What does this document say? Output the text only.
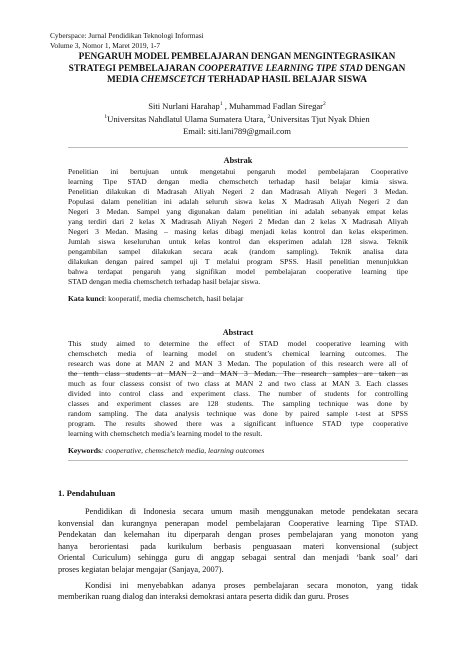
Cyberspace: Jurnal Pendidikan Teknologi Informasi
Volume 3, Nomor 1, Maret 2019, 1-7
PENGARUH MODEL PEMBELAJARAN DENGAN MENGINTEGRASIKAN
STRATEGI PEMBELAJARAN COOPERATIVE LEARNING TIPE STAD DENGAN
MEDIA CHEMSCETCH TERHADAP HASIL BELAJAR SISWA
Siti Nurlani Harahap$^1$ , Muhammad Fadlan Siregar$^2$
$^1$Universitas Nahdlatul Ulama Sumatera Utara, $^2$Universitas Tjut Nyak Dhien
Email: siti.lani789@gmail.com
Abstrak
Penelitian ini bertujuan untuk mengetahui pengaruh model pembelajaran Cooperative
learning Tipe STAD dengan media chemschetch terhadap hasil belajar kimia siswa.
Penelitian dilakukan di Madrasah Aliyah Negeri 2 dan Madrasah Aliyah Negeri 3 Medan.
Populasi dalam penelitian ini adalah seluruh siswa kelas X Madrasah Aliyah Negeri 2 dan
Negeri 3 Medan. Sampel yang digunakan dalam penelitian ini adalah sebanyak empat kelas
yang terdiri dari 2 kelas X Madrasah Aliyah Negeri 2 Medan dan 2 kelas X Madrasah Aliyah
Negeri 3 Medan. Masing – masing kelas dibagi menjadi kelas kontrol dan kelas eksperimen.
Jumlah siswa keseluruhan untuk kelas kontrol dan eksperimen adalah 128 siswa. Teknik
pengambilan sampel dilakukan secara acak (random sampling). Teknik analisa data
dilakukan dengan paired sampel uji T melalui program SPSS. Hasil penelitian menunjukkan
bahwa terdapat pengaruh yang signifikan model pembelajaran cooperative learning tipe
STAD dengan media chemschetch terhadap hasil belajar siswa.
Kata kunci: kooperatif, media chemschetch, hasil belajar
Abstract
This study aimed to determine the effect of STAD model cooperative learning with
chemschetch media of learning model on student’s chemical learning outcomes. The
research was done at MAN 2 and MAN 3 Medan. The population of this research were all of
the tenth class students at MAN 2 and MAN 3 Medan. The research samples are taken as
much as four classess consist of two class at MAN 2 and two class at MAN 3. Each classes
divided into control class and experiment class. The number of students for controlling
classes and experiment classes are 128 students. The sampling technique was done by
random sampling. The data analysis technique was done by paired sample t-test at SPSS
program. The results showed there was a significant influence STAD type cooperative
learning with chemschetch media’s learning model to the result.
Keywords: cooperative, chemschetch media, learning outcomes
1. Pendahuluan
Pendidikan di Indonesia secara umum masih menggunakan metode pendekatan secara
konvensial dan kurangnya penerapan model pembelajaran Cooperative learning Tipe STAD.
Pendekatan dan kelemahan itu diperparah dengan proses pembelajaran yang monoton yang
hanya berorientasi pada kurikulum berbasis penguasaan materi konvensional (subject
Oriental Curiculum) sehingga guru di anggap sebagai sentral dan menjadi ‘bank soal’ dari
proses kegiatan belajar mengajar (Sanjaya, 2007).
Kondisi ini menyebabkan adanya proses pembelajaran secara monoton, yang tidak
memberikan ruang dialog dan interaksi demokrasi antara peserta didik dan guru. Proses
